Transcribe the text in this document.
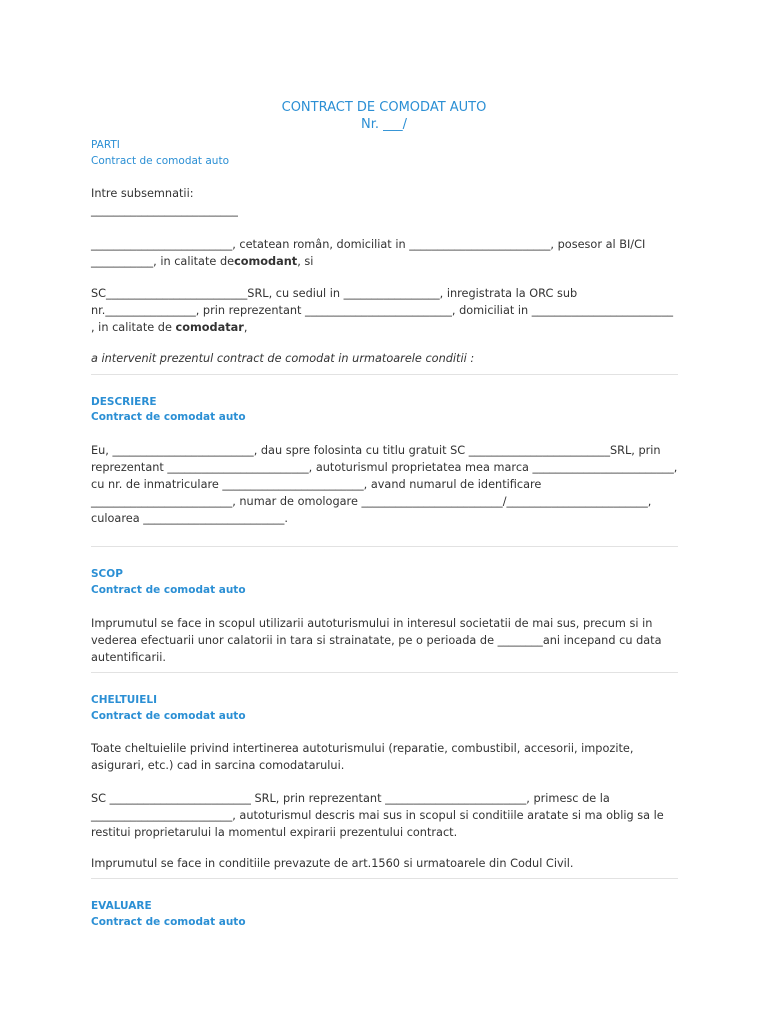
CONTRACT DE COMODAT AUTO
Nr. ___/
PARTI
Contract de comodat auto
Intre subsemnatii:
__________________________
_________________________, cetatean român, domiciliat in _________________________, posesor al BI/CI ___________, in calitate decomodant, si
SC_________________________SRL, cu sediul in _________________, inregistrata la ORC sub nr.________________, prin reprezentant __________________________, domiciliat in _________________________ , in calitate de comodatar,
a intervenit prezentul contract de comodat in urmatoarele conditii :
DESCRIERE
Contract de comodat auto
Eu, _________________________, dau spre folosinta cu titlu gratuit SC _________________________SRL, prin reprezentant _________________________, autoturismul proprietatea mea marca _________________________, cu nr. de inmatriculare _________________________, avand numarul de identificare _________________________, numar de omologare _________________________/_________________________, culoarea _________________________.
SCOP
Contract de comodat auto
Imprumutul se face in scopul utilizarii autoturismului in interesul societatii de mai sus, precum si in vederea efectuarii unor calatorii in tara si strainatate, pe o perioada de ________ani incepand cu data autentificarii.
CHELTUIELI
Contract de comodat auto
Toate cheltuielile privind intertinerea autoturismului (reparatie, combustibil, accesorii, impozite, asigurari, etc.) cad in sarcina comodatarului.
SC _________________________ SRL, prin reprezentant _________________________, primesc de la _________________________, autoturismul descris mai sus in scopul si conditiile aratate si ma oblig sa le restitui proprietarului la momentul expirarii prezentului contract.
Imprumutul se face in conditiile prevazute de art.1560 si urmatoarele din Codul Civil.
EVALUARE
Contract de comodat auto
